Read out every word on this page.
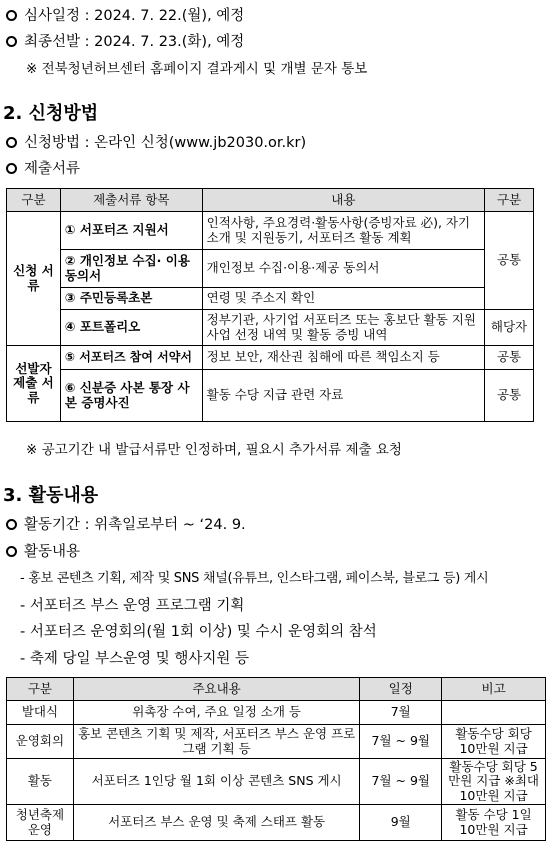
심사일정 : 2024. 7. 22.(월), 예정
최종선발 : 2024. 7. 23.(화), 예정
※ 전북청년허브센터 홈페이지 결과게시 및 개별 문자 통보
2. 신청방법
신청방법 : 온라인 신청(www.jb2030.or.kr)
제출서류
구분	제출서류 항목	내용	구분
신청 서류	① 서포터즈 지원서	인적사항, 주요경력·활동사항(증빙자료 必), 자기소개 및 지원동기, 서포터즈 활동 계획	공통
	② 개인정보 수집· 이용 동의서	개인정보 수집·이용·제공 동의서	
	③ 주민등록초본	연령 및 주소지 확인	
	④ 포트폴리오	정부기관, 사기업 서포터즈 또는 홍보단 활동 지원사업 선정 내역 및 활동 증빙 내역	해당자
선발자 제출 서류	⑤ 서포터즈 참여 서약서	정보 보안, 재산권 침해에 따른 책임소지 등	공통
	⑥ 신분증 사본 통장 사본 증명사진	활동 수당 지급 관련 자료	공통
※ 공고기간 내 발급서류만 인정하며, 필요시 추가서류 제출 요청
3. 활동내용
활동기간 : 위촉일로부터 ~ ‘24. 9.
활동내용
- 홍보 콘텐츠 기획, 제작 및 SNS 채널(유튜브, 인스타그램, 페이스북, 블로그 등) 게시
- 서포터즈 부스 운영 프로그램 기획
- 서포터즈 운영회의(월 1회 이상) 및 수시 운영회의 참석
- 축제 당일 부스운영 및 행사지원 등
구분	주요내용	일정	비고
발대식	위촉장 수여, 주요 일정 소개 등	7월	
운영회의	홍보 콘텐츠 기획 및 제작, 서포터즈 부스 운영 프로그램 기획 등	7월 ~ 9월	활동수당 회당 10만원 지급
활동	서포터즈 1인당 월 1회 이상 콘텐츠 SNS 게시	7월 ~ 9월	활동수당 회당 5만원 지급 ※최대 10만원 지급
청년축제 운영	서포터즈 부스 운영 및 축제 스태프 활동	9월	활동 수당 1일 10만원 지급
